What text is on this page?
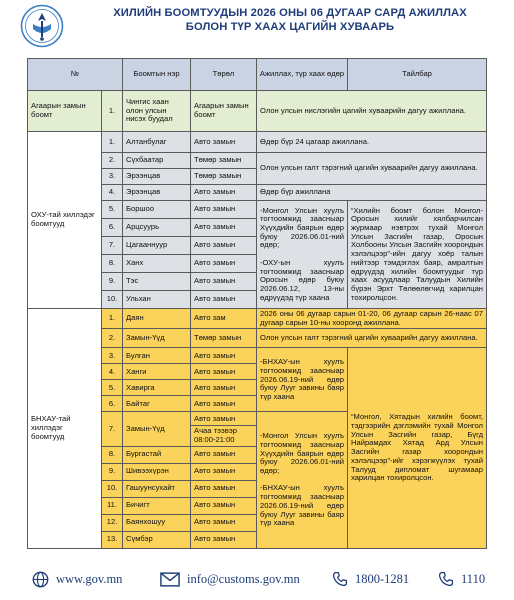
ХИЛИЙН БООМТУУДЫН 2026 ОНЫ 06 ДУГААР САРД АЖИЛЛАХ
БОЛОН ТҮР ХААХ ЦАГИЙН ХУВААРЬ
№		Боомтын нэр	Төрөл	Ажиллах, түр хаах өдөр	Тайлбар
Агаарын замын боомт	1.	Чингис хаан олон улсын нисэх буудал	Агаарын замын боомт	Олон улсын нислэгийн цагийн хуваарийн дагуу ажиллана.	
ОХУ-тай хиллэдэг боомтууд	1.	Алтанбулаг	Авто замын	Өдөр бүр 24 цагаар ажиллана.	
	2.	Сүхбаатар	Төмөр замын	Олон улсын галт тэрэгний цагийн хуваарийн дагуу ажиллана.	
	3.	Эрээнцав	Төмөр замын		
	4.	Эрээнцав	Авто замын	Өдөр бүр ажиллана	
	5.	Боршоо	Авто замын	-Монгол Улсын хуулъ тогтоомжид заасныар Хүүхдийн баярын өдөр буюу 2026.06.01-ний өдөр;

-ОХУ-ын хуулъ тогтоомжид заасныар Оросын өдөр буюу 2026.06.12, 13-ны өдрүүдэд түр хаана	“Хилийн боомт болон Монгол-Оросын хилийг хялбарчилсан журмаар нэвтрэх тухай Монгол Улсын Засгийн газар, Оросын Холбооны Улсын Засгийн хоорондын хэлэлцээр”-ийн дагуу хоёр талын нийтээр тэмдэглэх баяр, амралтын өдрүүдэд хилийн боомтуудыг түр хаах асуудлаар Талуудын Хилийн бүрэн Эрхт Төлөөлөгчид харилцан тохиролцсон.
	6.	Арцсуурь	Авто замын		
	7.	Цагааннуур	Авто замын		
	8.	Ханх	Авто замын		
	9.	Тэс	Авто замын		
	10.	Ульхан	Авто замын		
БНХАУ-тай хиллэдэг боомтууд	1.	Даян	Авто зам	2026 оны 06 дугаар сарын 01-20, 06 дугаар сарын 26-наас 07 дугаар сарын 10-ны хооронд ажиллана.	
	2.	Замын-Үүд	Төмөр замын	Олон улсын галт тэрэгний цагийн хуваарийн дагуу ажиллана.	
	3.	Булган	Авто замын	-БНХАУ-ын хуулъ тогтоомжид заасныар 2026.06.19-ний өдөр буюу Лууг завины баяр түр хаана	“Монгол, Хятадын хилийн боомт, тэдгээрийн дэглэмийн тухай Монгол Улсын Засгийн газар, Бүгд Найрамдах Хятад Ард Улсын Засгийн газар хоорондын хэлэлцээр”-ийг хэрэгжүүлэх тухай Талууд дипломат шугамаар харилцан тохиролцсон.
	4.	Ханги	Авто замын		
	5.	Хавирга	Авто замын		
	6.	Байтаг	Авто замын		
	7.	Замын-Үүд	Авто замын	-Монгол Улсын хуулъ тогтоомжид заасныар Хүүхдийн баярын өдөр буюу 2026.06.01-ний өдөр;

-БНХАУ-ын хуулъ тогтоомжид заасныар 2026.06.19-ний өдөр буюу Лууг завины баяр түр хаана	
			Ачаа тээвэр 08:00-21:00		
	8.	Бургастай	Авто замын		
	9.	Шивээхүрэн	Авто замын		
	10.	Гашуунсухайт	Авто замын		
	11.	Бичигт	Авто замын		
	12.	Баянхошуу	Авто замын		
	13.	Сүмбэр	Авто замын		
www.gov.mn	info@customs.gov.mn	1800-1281	1110
